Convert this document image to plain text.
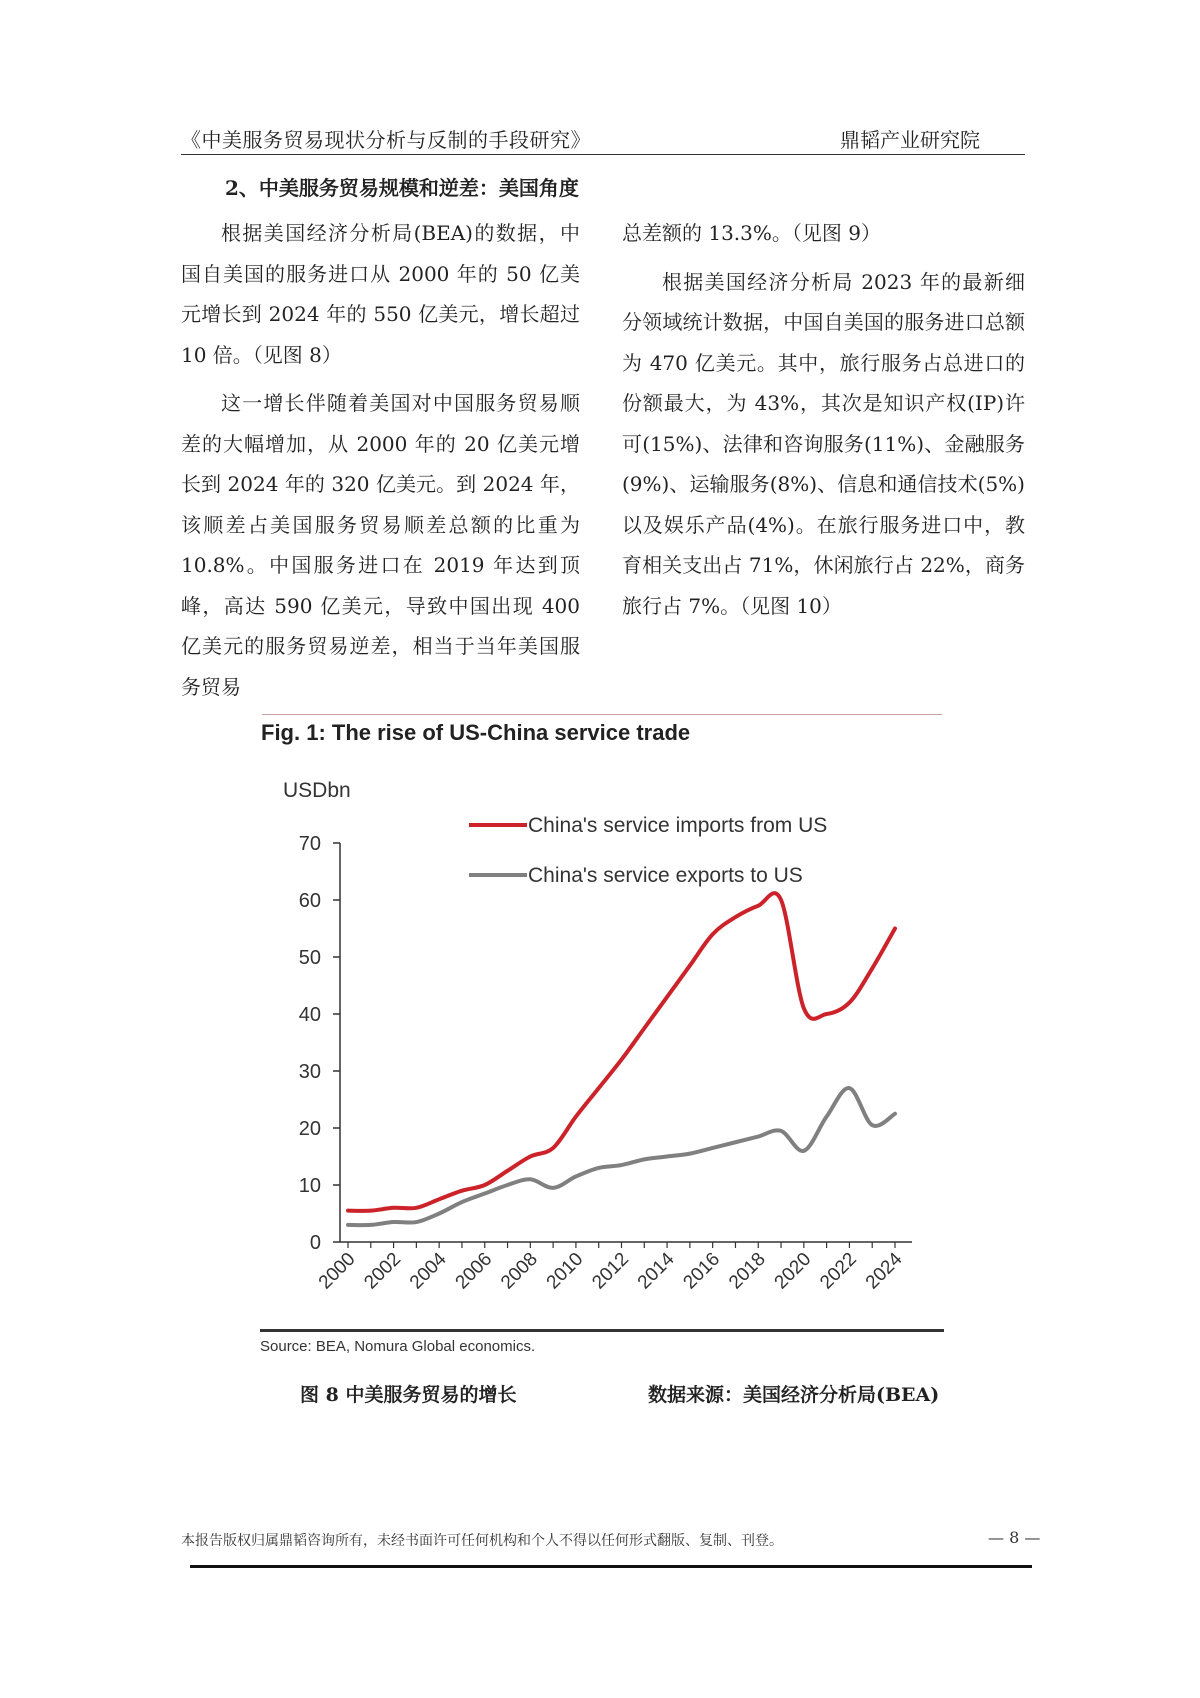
《中美服务贸易现状分析与反制的手段研究》	鼎韬产业研究院
2、中美服务贸易规模和逆差：美国角度

根据美国经济分析局(BEA)的数据，中国自美国的服务进口从 2000 年的 50 亿美元增长到 2024 年的 550 亿美元，增长超过 10 倍。（见图 8）

这一增长伴随着美国对中国服务贸易顺差的大幅增加，从 2000 年的 20 亿美元增长到 2024 年的 320 亿美元。到 2024 年，该顺差占美国服务贸易顺差总额的比重为 10.8%。中国服务进口在 2019 年达到顶峰，高达 590 亿美元，导致中国出现 400 亿美元的服务贸易逆差，相当于当年美国服务贸易

总差额的 13.3%。（见图 9）

根据美国经济分析局 2023 年的最新细分领域统计数据，中国自美国的服务进口总额为 470 亿美元。其中，旅行服务占总进口的份额最大，为 43%，其次是知识产权(IP)许可(15%)、法律和咨询服务(11%)、金融服务(9%)、运输服务(8%)、信息和通信技术(5%)以及娱乐产品(4%)。在旅行服务进口中，教育相关支出占 71%，休闲旅行占 22%，商务旅行占 7%。（见图 10）

Fig. 1: The rise of US-China service trade
USDbn
0
10
20
30
40
50
60
70
2000 2002 2004 2006 2008 2010 2012 2014 2016 2018 2020 2022 2024
China's service imports from US
China's service exports to US
Source: BEA, Nomura Global economics.
图 8 中美服务贸易的增长	数据来源：美国经济分析局(BEA)
本报告版权归属鼎韬咨询所有，未经书面许可任何机构和个人不得以任何形式翻版、复制、刊登。	— 8 —
